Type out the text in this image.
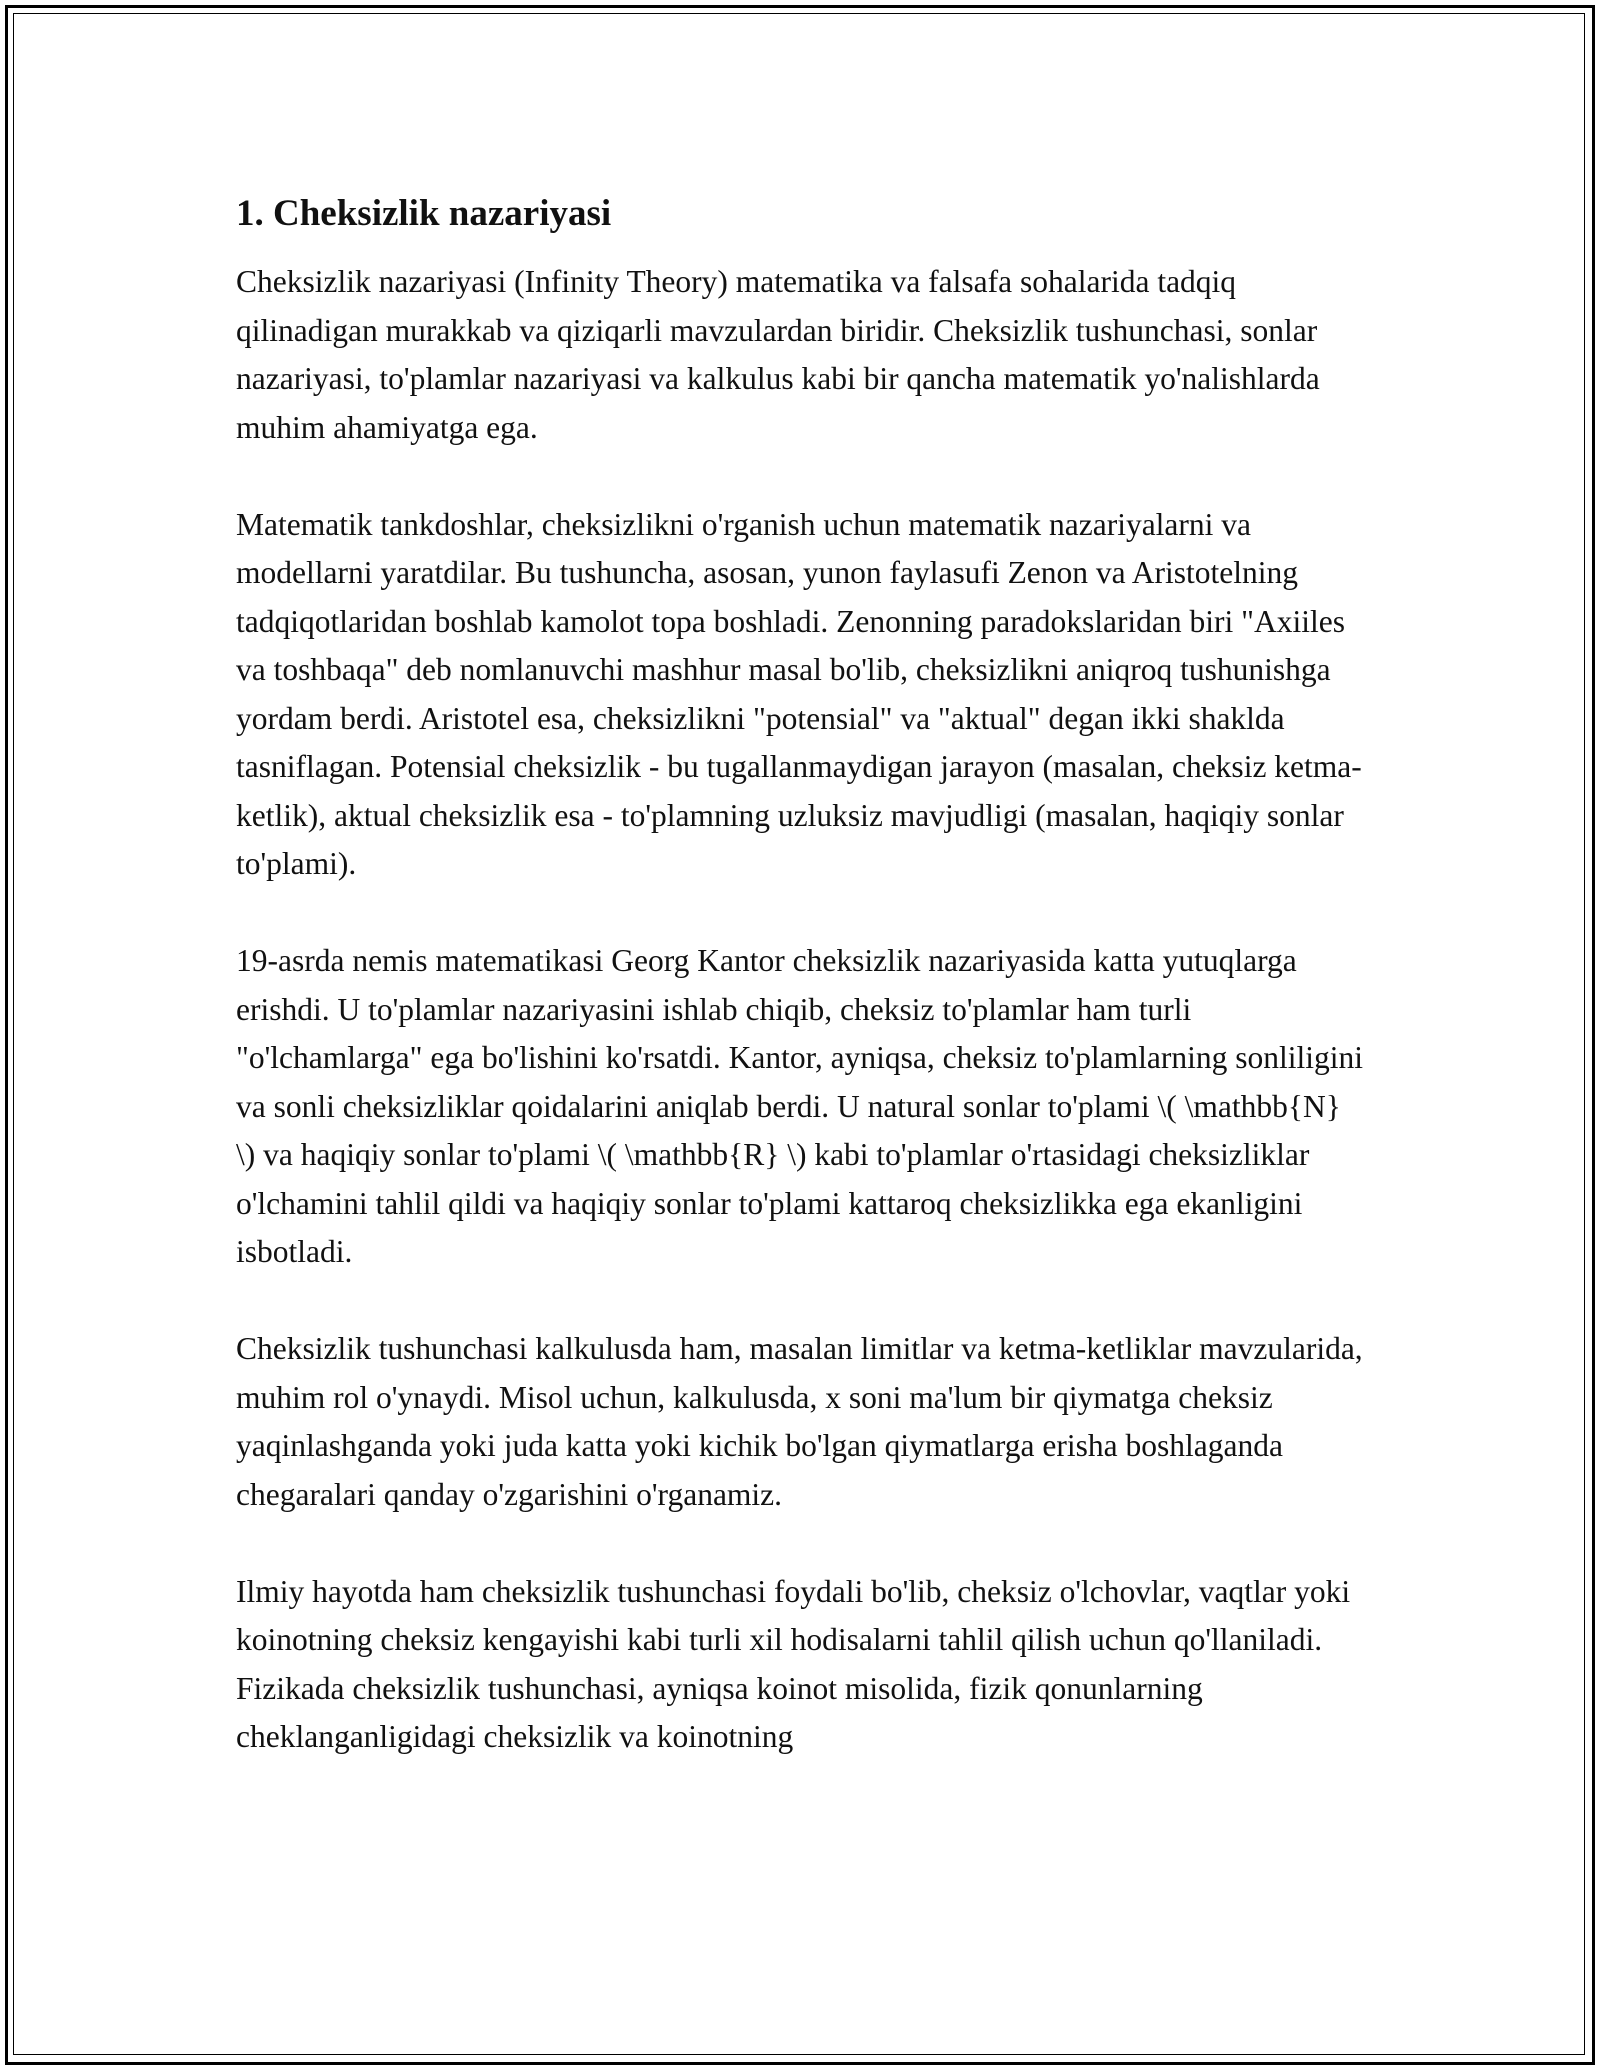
1. Cheksizlik nazariyasi

Cheksizlik nazariyasi (Infinity Theory) matematika va falsafa sohalarida tadqiq qilinadigan murakkab va qiziqarli mavzulardan biridir. Cheksizlik tushunchasi, sonlar nazariyasi, to'plamlar nazariyasi va kalkulus kabi bir qancha matematik yo'nalishlarda muhim ahamiyatga ega.

Matematik tankdoshlar, cheksizlikni o'rganish uchun matematik nazariyalarni va modellarni yaratdilar. Bu tushuncha, asosan, yunon faylasufi Zenon va Aristotelning tadqiqotlaridan boshlab kamolot topa boshladi. Zenonning paradokslaridan biri "Axiiles va toshbaqa" deb nomlanuvchi mashhur masal bo'lib, cheksizlikni aniqroq tushunishga yordam berdi. Aristotel esa, cheksizlikni "potensial" va "aktual" degan ikki shaklda tasniflagan. Potensial cheksizlik - bu tugallanmaydigan jarayon (masalan, cheksiz ketma-ketlik), aktual cheksizlik esa - to'plamning uzluksiz mavjudligi (masalan, haqiqiy sonlar to'plami).

19-asrda nemis matematikasi Georg Kantor cheksizlik nazariyasida katta yutuqlarga erishdi. U to'plamlar nazariyasini ishlab chiqib, cheksiz to'plamlar ham turli "o'lchamlarga" ega bo'lishini ko'rsatdi. Kantor, ayniqsa, cheksiz to'plamlarning sonliligini va sonli cheksizliklar qoidalarini aniqlab berdi. U natural sonlar to'plami \( \mathbb{N} \) va haqiqiy sonlar to'plami \( \mathbb{R} \) kabi to'plamlar o'rtasidagi cheksizliklar o'lchamini tahlil qildi va haqiqiy sonlar to'plami kattaroq cheksizlikka ega ekanligini isbotladi.

Cheksizlik tushunchasi kalkulusda ham, masalan limitlar va ketma-ketliklar mavzularida, muhim rol o'ynaydi. Misol uchun, kalkulusda, x soni ma'lum bir qiymatga cheksiz yaqinlashganda yoki juda katta yoki kichik bo'lgan qiymatlarga erisha boshlaganda chegaralari qanday o'zgarishini o'rganamiz.

Ilmiy hayotda ham cheksizlik tushunchasi foydali bo'lib, cheksiz o'lchovlar, vaqtlar yoki koinotning cheksiz kengayishi kabi turli xil hodisalarni tahlil qilish uchun qo'llaniladi. Fizikada cheksizlik tushunchasi, ayniqsa koinot misolida, fizik qonunlarning cheklanganligidagi cheksizlik va koinotning
